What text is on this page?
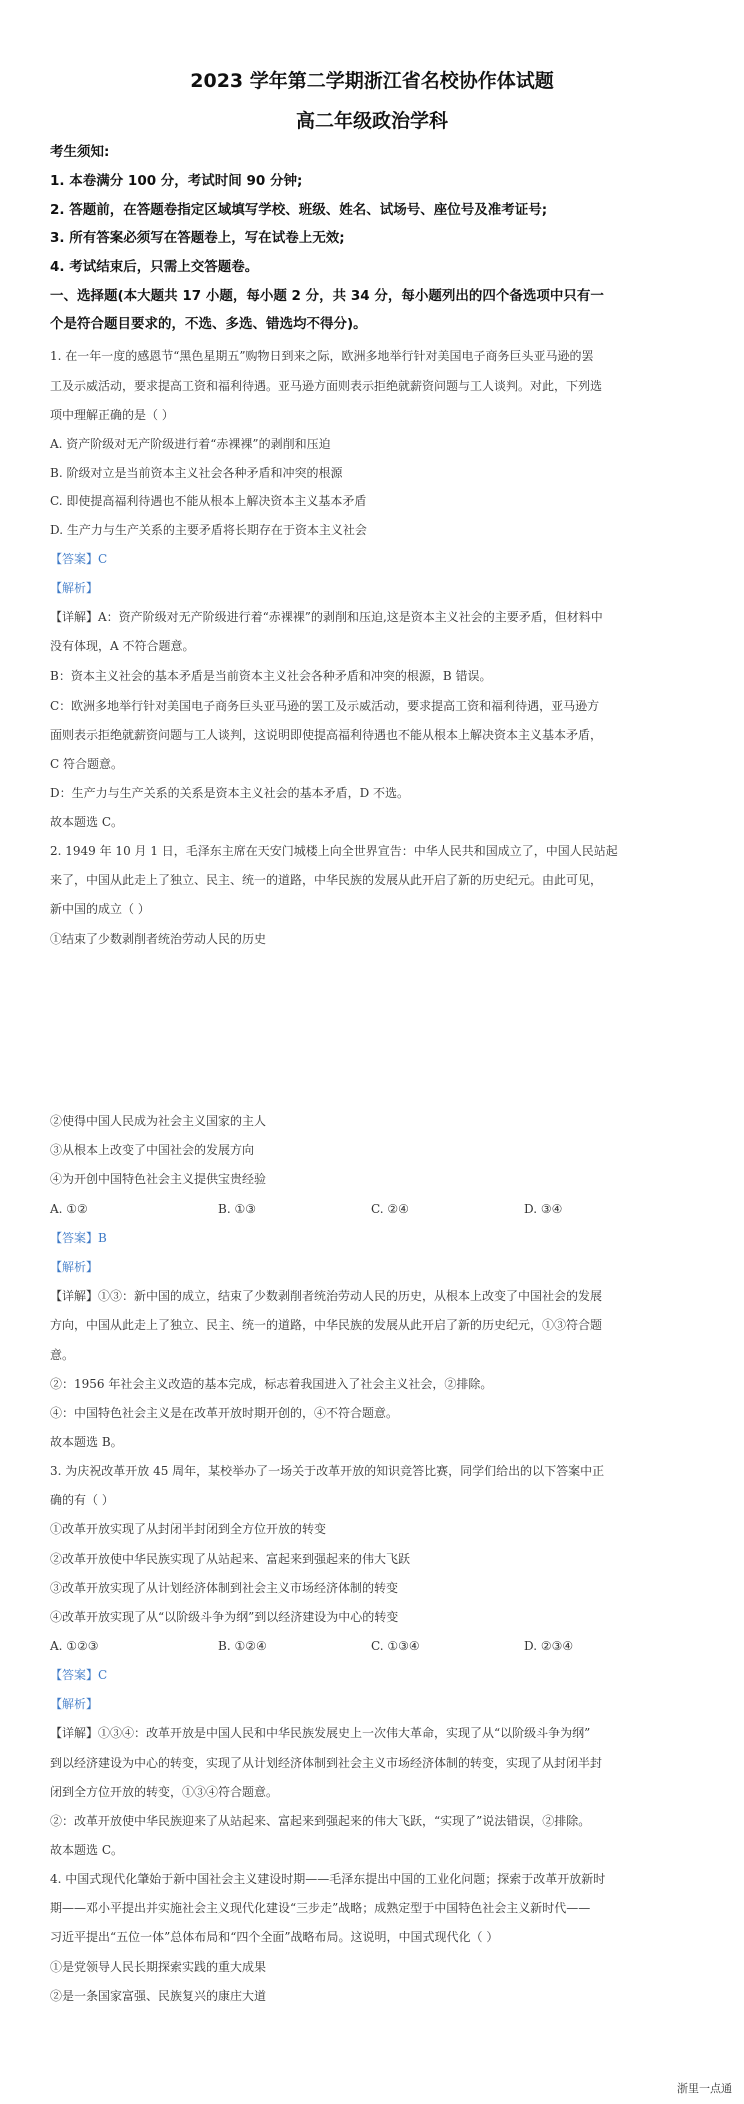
2023 学年第二学期浙江省名校协作体试题
高二年级政治学科
考生须知:
1. 本卷满分 100 分，考试时间 90 分钟;
2. 答题前，在答题卷指定区域填写学校、班级、姓名、试场号、座位号及准考证号;
3. 所有答案必须写在答题卷上，写在试卷上无效;
4. 考试结束后，只需上交答题卷。
一、选择题(本大题共 17 小题，每小题 2 分，共 34 分，每小题列出的四个备选项中只有一
个是符合题目要求的，不选、多选、错选均不得分)。
1. 在一年一度的感恩节“黑色星期五”购物日到来之际，欧洲多地举行针对美国电子商务巨头亚马逊的罢
工及示威活动，要求提高工资和福利待遇。亚马逊方面则表示拒绝就薪资问题与工人谈判。对此，下列选
项中理解正确的是（ ）
A. 资产阶级对无产阶级进行着“赤裸裸”的剥削和压迫
B. 阶级对立是当前资本主义社会各种矛盾和冲突的根源
C. 即使提高福利待遇也不能从根本上解决资本主义基本矛盾
D. 生产力与生产关系的主要矛盾将长期存在于资本主义社会
【答案】C
【解析】
【详解】A：资产阶级对无产阶级进行着“赤裸裸”的剥削和压迫,这是资本主义社会的主要矛盾，但材料中
没有体现，A 不符合题意。
B：资本主义社会的基本矛盾是当前资本主义社会各种矛盾和冲突的根源，B 错误。
C：欧洲多地举行针对美国电子商务巨头亚马逊的罢工及示威活动，要求提高工资和福利待遇，亚马逊方
面则表示拒绝就薪资问题与工人谈判，这说明即使提高福利待遇也不能从根本上解决资本主义基本矛盾，
C 符合题意。
D：生产力与生产关系的关系是资本主义社会的基本矛盾，D 不选。
故本题选 C。
2. 1949 年 10 月 1 日，毛泽东主席在天安门城楼上向全世界宣告：中华人民共和国成立了，中国人民站起
来了，中国从此走上了独立、民主、统一的道路，中华民族的发展从此开启了新的历史纪元。由此可见，
新中国的成立（ ）
①结束了少数剥削者统治劳动人民的历史
②使得中国人民成为社会主义国家的主人
③从根本上改变了中国社会的发展方向
④为开创中国特色社会主义提供宝贵经验
A. ①②	B. ①③	C. ②④	D. ③④
【答案】B
【解析】
【详解】①③：新中国的成立，结束了少数剥削者统治劳动人民的历史，从根本上改变了中国社会的发展
方向，中国从此走上了独立、民主、统一的道路，中华民族的发展从此开启了新的历史纪元，①③符合题
意。
②：1956 年社会主义改造的基本完成，标志着我国进入了社会主义社会，②排除。
④：中国特色社会主义是在改革开放时期开创的，④不符合题意。
故本题选 B。
3. 为庆祝改革开放 45 周年，某校举办了一场关于改革开放的知识竞答比赛，同学们给出的以下答案中正
确的有（ ）
①改革开放实现了从封闭半封闭到全方位开放的转变
②改革开放使中华民族实现了从站起来、富起来到强起来的伟大飞跃
③改革开放实现了从计划经济体制到社会主义市场经济体制的转变
④改革开放实现了从“以阶级斗争为纲”到以经济建设为中心的转变
A. ①②③	B. ①②④	C. ①③④	D. ②③④
【答案】C
【解析】
【详解】①③④：改革开放是中国人民和中华民族发展史上一次伟大革命，实现了从“以阶级斗争为纲”
到以经济建设为中心的转变，实现了从计划经济体制到社会主义市场经济体制的转变，实现了从封闭半封
闭到全方位开放的转变，①③④符合题意。
②：改革开放使中华民族迎来了从站起来、富起来到强起来的伟大飞跃，“实现了”说法错误，②排除。
故本题选 C。
4. 中国式现代化肇始于新中国社会主义建设时期——毛泽东提出中国的工业化问题；探索于改革开放新时
期——邓小平提出并实施社会主义现代化建设“三步走”战略；成熟定型于中国特色社会主义新时代——
习近平提出“五位一体”总体布局和“四个全面”战略布局。这说明，中国式现代化（ ）
①是党领导人民长期探索实践的重大成果
②是一条国家富强、民族复兴的康庄大道
浙里一点通
